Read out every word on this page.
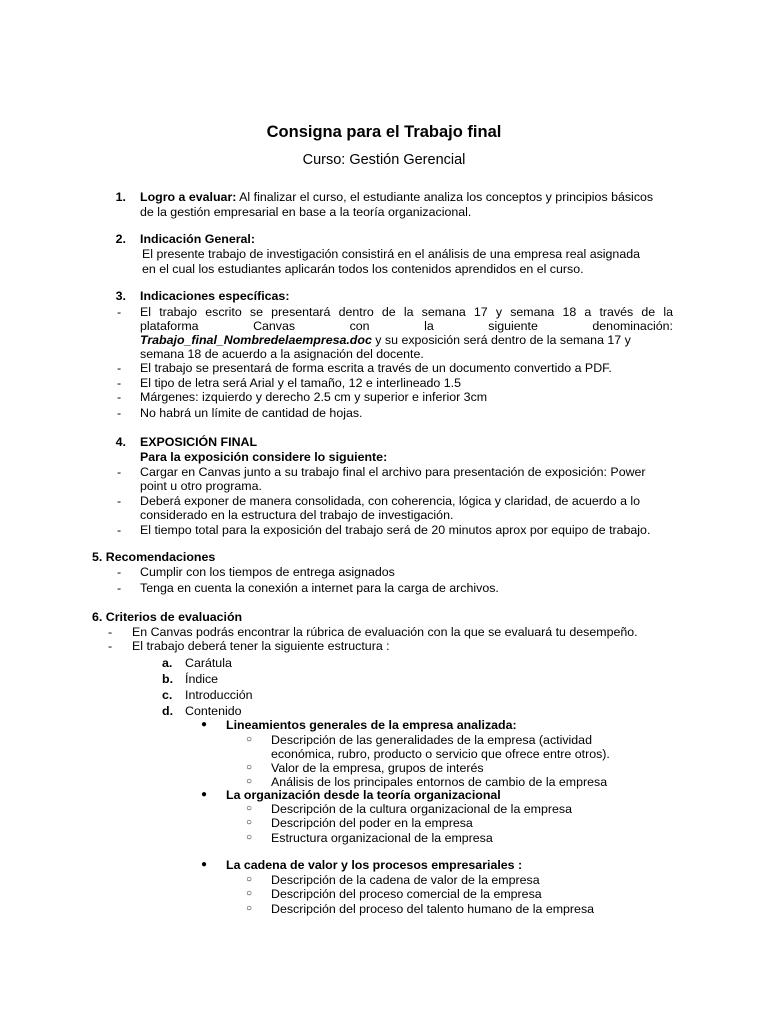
Consigna para el Trabajo final
Curso: Gestión Gerencial
1. Logro a evaluar: Al finalizar el curso, el estudiante analiza los conceptos y principios básicos
de la gestión empresarial en base a la teoría organizacional.
2. Indicación General:
El presente trabajo de investigación consistirá en el análisis de una empresa real asignada
en el cual los estudiantes aplicarán todos los contenidos aprendidos en el curso.
3. Indicaciones específicas:
-	El trabajo escrito se presentará dentro de la semana 17 y semana 18 a través de la
plataforma Canvas con la siguiente denominación:
Trabajo_final_Nombredelaempresa.doc y su exposición será dentro de la semana 17 y
semana 18 de acuerdo a la asignación del docente.
-	El trabajo se presentará de forma escrita a través de un documento convertido a PDF.
-	El tipo de letra será Arial y el tamaño, 12 e interlineado 1.5
-	Márgenes: izquierdo y derecho 2.5 cm y superior e inferior 3cm
-	No habrá un límite de cantidad de hojas.
4. EXPOSICIÓN FINAL
Para la exposición considere lo siguiente:
-	Cargar en Canvas junto a su trabajo final el archivo para presentación de exposición: Power
point u otro programa.
-	Deberá exponer de manera consolidada, con coherencia, lógica y claridad, de acuerdo a lo
considerado en la estructura del trabajo de investigación.
-	El tiempo total para la exposición del trabajo será de 20 minutos aprox por equipo de trabajo.
5. Recomendaciones
-	Cumplir con los tiempos de entrega asignados
-	Tenga en cuenta la conexión a internet para la carga de archivos.
6. Criterios de evaluación
-	En Canvas podrás encontrar la rúbrica de evaluación con la que se evaluará tu desempeño.
-	El trabajo deberá tener la siguiente estructura :
a.	Carátula
b. Índice
c.	Introducción
d. Contenido
●	Lineamientos generales de la empresa analizada:
○	Descripción de las generalidades de la empresa (actividad
económica, rubro, producto o servicio que ofrece entre otros).
○	Valor de la empresa, grupos de interés
○	Análisis de los principales entornos de cambio de la empresa
●	La organización desde la teoría organizacional
○	Descripción de la cultura organizacional de la empresa
○	Descripción del poder en la empresa
○	Estructura organizacional de la empresa
●	La cadena de valor y los procesos empresariales :
○	Descripción de la cadena de valor de la empresa
○	Descripción del proceso comercial de la empresa
○	Descripción del proceso del talento humano de la empresa
